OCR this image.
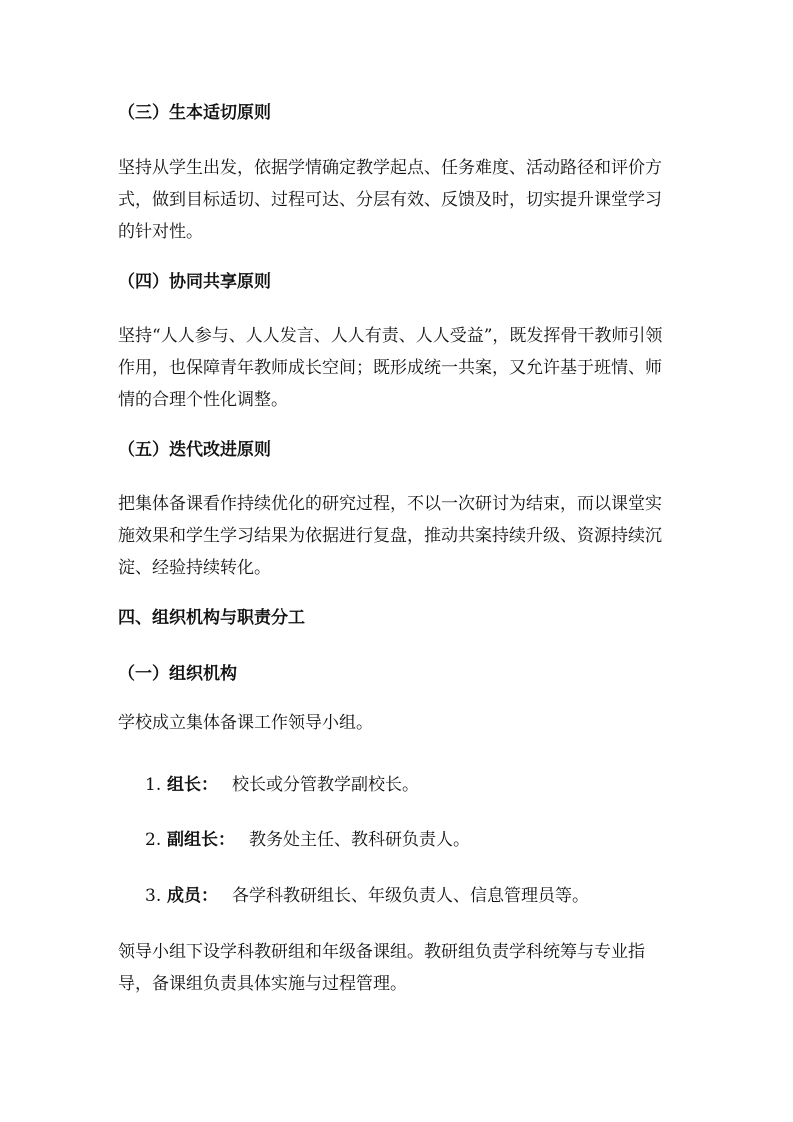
（三）生本适切原则
坚持从学生出发，依据学情确定教学起点、任务难度、活动路径和评价方式，做到目标适切、过程可达、分层有效、反馈及时，切实提升课堂学习的针对性。
（四）协同共享原则
坚持“人人参与、人人发言、人人有责、人人受益”，既发挥骨干教师引领作用，也保障青年教师成长空间；既形成统一共案，又允许基于班情、师情的合理个性化调整。
（五）迭代改进原则
把集体备课看作持续优化的研究过程，不以一次研讨为结束，而以课堂实施效果和学生学习结果为依据进行复盘，推动共案持续升级、资源持续沉淀、经验持续转化。
四、组织机构与职责分工
（一）组织机构
学校成立集体备课工作领导小组。
1. 组长： 校长或分管教学副校长。
2. 副组长： 教务处主任、教科研负责人。
3. 成员： 各学科教研组长、年级负责人、信息管理员等。
领导小组下设学科教研组和年级备课组。教研组负责学科统筹与专业指导，备课组负责具体实施与过程管理。
